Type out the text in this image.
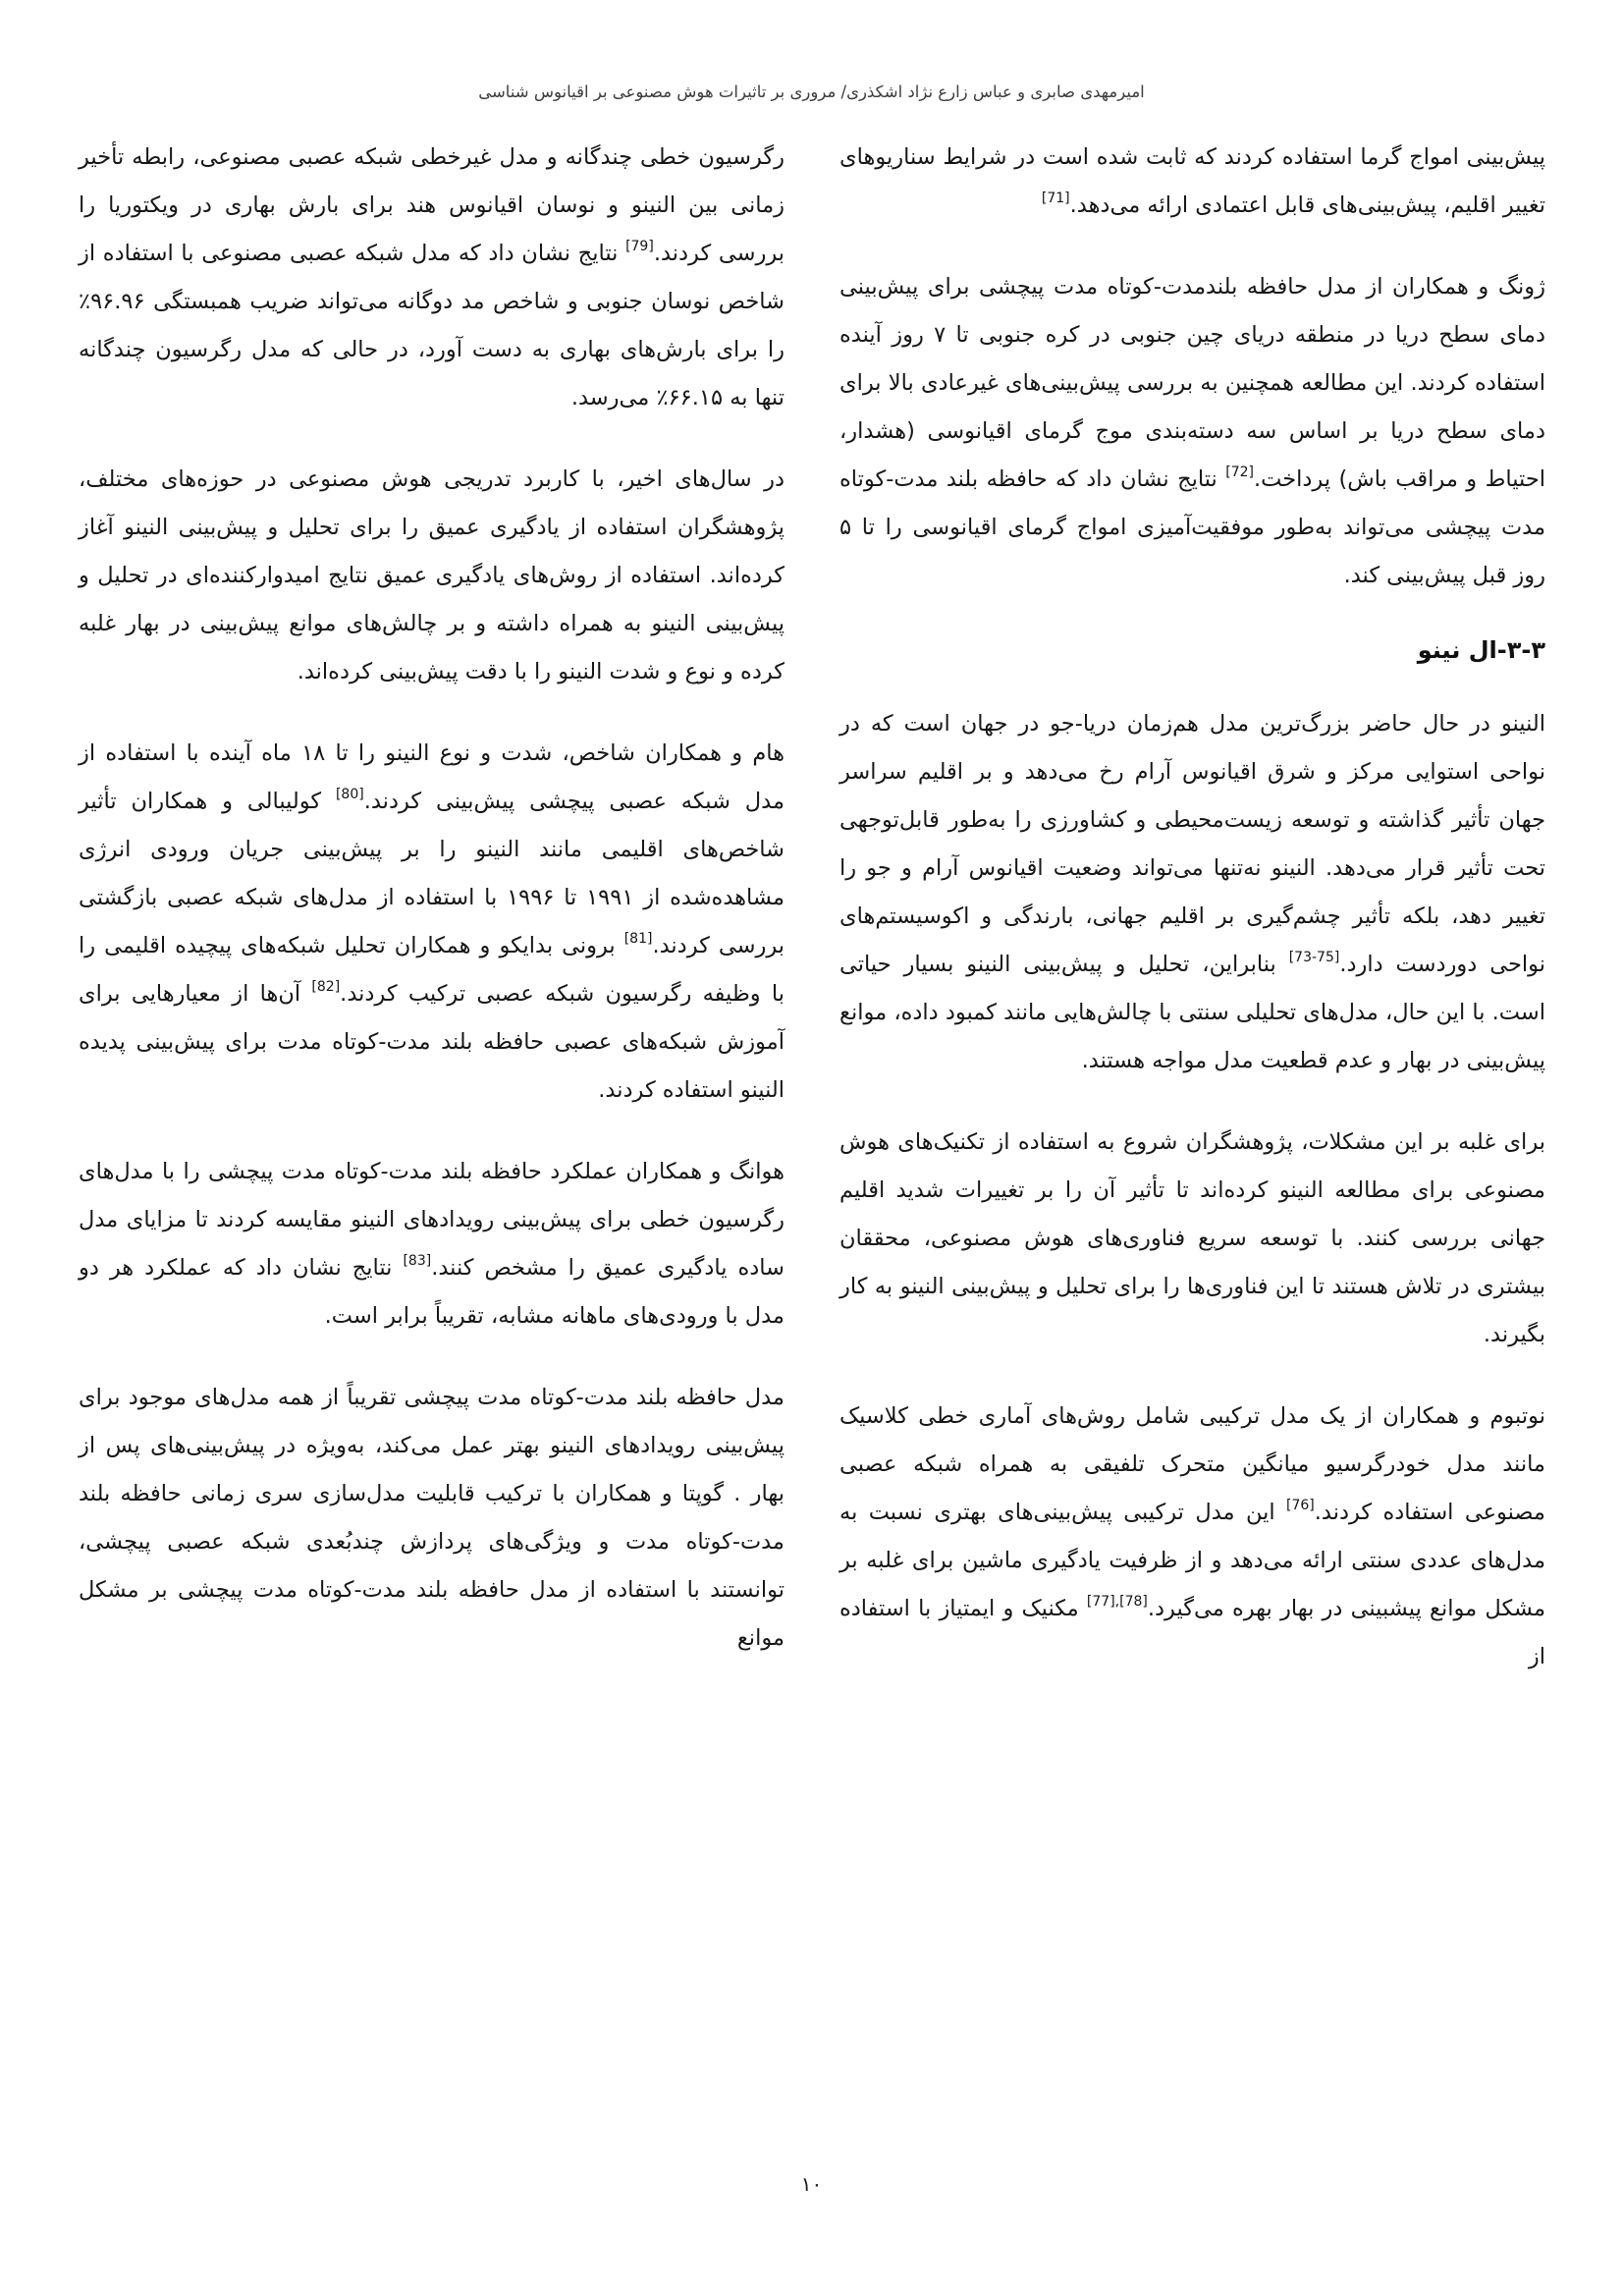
امیرمهدی صابری و عباس زارع نژاد اشکذری/ مروری بر تاثیرات هوش مصنوعی بر اقیانوس شناسی

پیش‌بینی امواج گرما استفاده کردند که ثابت شده است در شرایط سناریوهای تغییر اقلیم، پیش‌بینی‌های قابل اعتمادی ارائه می‌دهد.[71]

ژونگ و همکاران از مدل حافظه بلندمدت-کوتاه مدت پیچشی برای پیش‌بینی دمای سطح دریا در منطقه دریای چین جنوبی در کره جنوبی تا ۷ روز آینده استفاده کردند. این مطالعه همچنین به بررسی پیش‌بینی‌های غیرعادی بالا برای دمای سطح دریا بر اساس سه دسته‌بندی موج گرمای اقیانوسی (هشدار، احتیاط و مراقب باش) پرداخت.[72] نتایج نشان داد که حافظه بلند مدت-کوتاه مدت پیچشی می‌تواند به‌طور موفقیت‌آمیزی امواج گرمای اقیانوسی را تا ۵ روز قبل پیش‌بینی کند.

۳-۳-ال نینو

النینو در حال حاضر بزرگ‌ترین مدل هم‌زمان دریا-جو در جهان است که در نواحی استوایی مرکز و شرق اقیانوس آرام رخ می‌دهد و بر اقلیم سراسر جهان تأثیر گذاشته و توسعه زیست‌محیطی و کشاورزی را به‌طور قابل‌توجهی تحت تأثیر قرار می‌دهد. النینو نه‌تنها می‌تواند وضعیت اقیانوس آرام و جو را تغییر دهد، بلکه تأثیر چشم‌گیری بر اقلیم جهانی، بارندگی و اکوسیستم‌های نواحی دوردست دارد.[73-75] بنابراین، تحلیل و پیش‌بینی النینو بسیار حیاتی است. با این حال، مدل‌های تحلیلی سنتی با چالش‌هایی مانند کمبود داده، موانع پیش‌بینی در بهار و عدم قطعیت مدل مواجه هستند.

برای غلبه بر این مشکلات، پژوهشگران شروع به استفاده از تکنیک‌های هوش مصنوعی برای مطالعه النینو کرده‌اند تا تأثیر آن را بر تغییرات شدید اقلیم جهانی بررسی کنند. با توسعه سریع فناوری‌های هوش مصنوعی، محققان بیشتری در تلاش هستند تا این فناوری‌ها را برای تحلیل و پیش‌بینی النینو به کار بگیرند.

نوتبوم و همکاران از یک مدل ترکیبی شامل روش‌های آماری خطی کلاسیک مانند مدل خودرگرسیو میانگین متحرک تلفیقی به همراه شبکه عصبی مصنوعی استفاده کردند.[76] این مدل ترکیبی پیش‌بینی‌های بهتری نسبت به مدل‌های عددی سنتی ارائه می‌دهد و از ظرفیت یادگیری ماشین برای غلبه بر مشکل موانع پیشبینی در بهار بهره می‌گیرد.[77],[78] مکنیک و ایمتیاز با استفاده از

رگرسیون خطی چندگانه و مدل غیرخطی شبکه عصبی مصنوعی، رابطه تأخیر زمانی بین النینو و نوسان اقیانوس هند برای بارش بهاری در ویکتوریا را بررسی کردند.[79] نتایج نشان داد که مدل شبکه عصبی مصنوعی با استفاده از شاخص نوسان جنوبی و شاخص مد دوگانه می‌تواند ضریب همبستگی ۹۶.۹۶٪ را برای بارش‌های بهاری به دست آورد، در حالی که مدل رگرسیون چندگانه تنها به ۶۶.۱۵٪ می‌رسد.

در سال‌های اخیر، با کاربرد تدریجی هوش مصنوعی در حوزه‌های مختلف، پژوهشگران استفاده از یادگیری عمیق را برای تحلیل و پیش‌بینی النینو آغاز کرده‌اند. استفاده از روش‌های یادگیری عمیق نتایج امیدوارکننده‌ای در تحلیل و پیش‌بینی النینو به همراه داشته و بر چالش‌های موانع پیش‌بینی در بهار غلبه کرده و نوع و شدت النینو را با دقت پیش‌بینی کرده‌اند.

هام و همکاران شاخص، شدت و نوع النینو را تا ۱۸ ماه آینده با استفاده از مدل شبکه عصبی پیچشی پیش‌بینی کردند.[80] کولیبالی و همکاران تأثیر شاخص‌های اقلیمی مانند النینو را بر پیش‌بینی جریان ورودی انرژی مشاهده‌شده از ۱۹۹۱ تا ۱۹۹۶ با استفاده از مدل‌های شبکه عصبی بازگشتی بررسی کردند.[81] برونی بدایکو و همکاران تحلیل شبکه‌های پیچیده اقلیمی را با وظیفه رگرسیون شبکه عصبی ترکیب کردند.[82] آن‌ها از معیارهایی برای آموزش شبکه‌های عصبی حافظه بلند مدت-کوتاه مدت برای پیش‌بینی پدیده النینو استفاده کردند.

هوانگ و همکاران عملکرد حافظه بلند مدت-کوتاه مدت پیچشی را با مدل‌های رگرسیون خطی برای پیش‌بینی رویدادهای النینو مقایسه کردند تا مزایای مدل ساده یادگیری عمیق را مشخص کنند.[83] نتایج نشان داد که عملکرد هر دو مدل با ورودی‌های ماهانه مشابه، تقریباً برابر است.

مدل حافظه بلند مدت-کوتاه مدت پیچشی تقریباً از همه مدل‌های موجود برای پیش‌بینی رویدادهای النینو بهتر عمل می‌کند، به‌ویژه در پیش‌بینی‌های پس از بهار . گوپتا و همکاران با ترکیب قابلیت مدل‌سازی سری زمانی حافظه بلند مدت-کوتاه مدت و ویژگی‌های پردازش چندبُعدی شبکه عصبی پیچشی، توانستند با استفاده از مدل حافظه بلند مدت-کوتاه مدت پیچشی بر مشکل موانع

۱۰
